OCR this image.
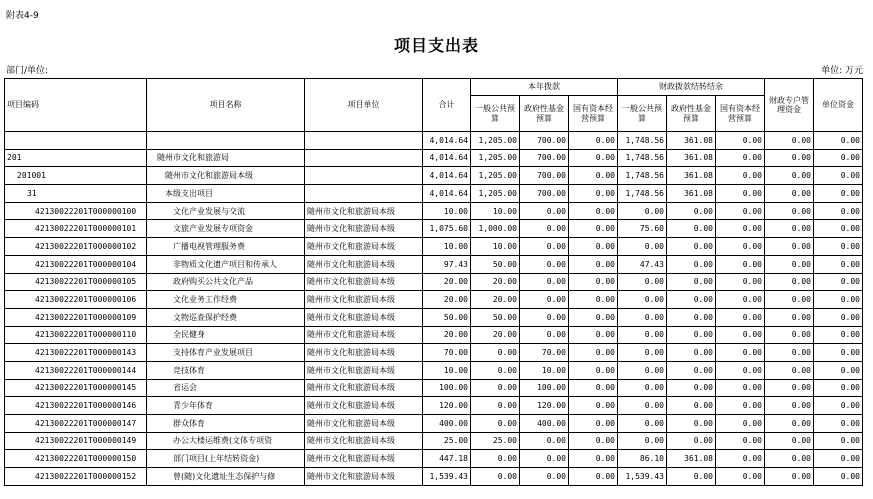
附表4-9
项目支出表
部门/单位:	单位: 万元
项目编码	项目名称	项目单位	合计	本年拨款			财政拨款结转结余			财政专户管理资金	单位资金
				一般公共预算	政府性基金预算	国有资本经营预算	一般公共预算	政府性基金预算	国有资本经营预算		
			4,014.64	1,205.00	700.00	0.00	1,748.56	361.08	0.00	0.00	0.00
201	随州市文化和旅游局		4,014.64	1,205.00	700.00	0.00	1,748.56	361.08	0.00	0.00	0.00
201001	随州市文化和旅游局本级		4,014.64	1,205.00	700.00	0.00	1,748.56	361.08	0.00	0.00	0.00
31	本级支出项目		4,014.64	1,205.00	700.00	0.00	1,748.56	361.08	0.00	0.00	0.00
42130022201T000000100	文化产业发展与交流	随州市文化和旅游局本级	10.00	10.00	0.00	0.00	0.00	0.00	0.00	0.00	0.00
42130022201T000000101	文旅产业发展专项资金	随州市文化和旅游局本级	1,075.60	1,000.00	0.00	0.00	75.60	0.00	0.00	0.00	0.00
42130022201T000000102	广播电视管理服务费	随州市文化和旅游局本级	10.00	10.00	0.00	0.00	0.00	0.00	0.00	0.00	0.00
42130022201T000000104	非物质文化遗产项目和传承人	随州市文化和旅游局本级	97.43	50.00	0.00	0.00	47.43	0.00	0.00	0.00	0.00
42130022201T000000105	政府购买公共文化产品	随州市文化和旅游局本级	20.00	20.00	0.00	0.00	0.00	0.00	0.00	0.00	0.00
42130022201T000000106	文化业务工作经费	随州市文化和旅游局本级	20.00	20.00	0.00	0.00	0.00	0.00	0.00	0.00	0.00
42130022201T000000109	文物巡查保护经费	随州市文化和旅游局本级	50.00	50.00	0.00	0.00	0.00	0.00	0.00	0.00	0.00
42130022201T000000110	全民健身	随州市文化和旅游局本级	20.00	20.00	0.00	0.00	0.00	0.00	0.00	0.00	0.00
42130022201T000000143	支持体育产业发展项目	随州市文化和旅游局本级	70.00	0.00	70.00	0.00	0.00	0.00	0.00	0.00	0.00
42130022201T000000144	竞技体育	随州市文化和旅游局本级	10.00	0.00	10.00	0.00	0.00	0.00	0.00	0.00	0.00
42130022201T000000145	省运会	随州市文化和旅游局本级	100.00	0.00	100.00	0.00	0.00	0.00	0.00	0.00	0.00
42130022201T000000146	青少年体育	随州市文化和旅游局本级	120.00	0.00	120.00	0.00	0.00	0.00	0.00	0.00	0.00
42130022201T000000147	群众体育	随州市文化和旅游局本级	400.00	0.00	400.00	0.00	0.00	0.00	0.00	0.00	0.00
42130022201T000000149	办公大楼运维费(文体专项资	随州市文化和旅游局本级	25.00	25.00	0.00	0.00	0.00	0.00	0.00	0.00	0.00
42130022201T000000150	部门项目(上年结转资金)	随州市文化和旅游局本级	447.18	0.00	0.00	0.00	86.10	361.08	0.00	0.00	0.00
42130022201T000000152	曾(随)文化遗址生态保护与修	随州市文化和旅游局本级	1,539.43	0.00	0.00	0.00	1,539.43	0.00	0.00	0.00	0.00
